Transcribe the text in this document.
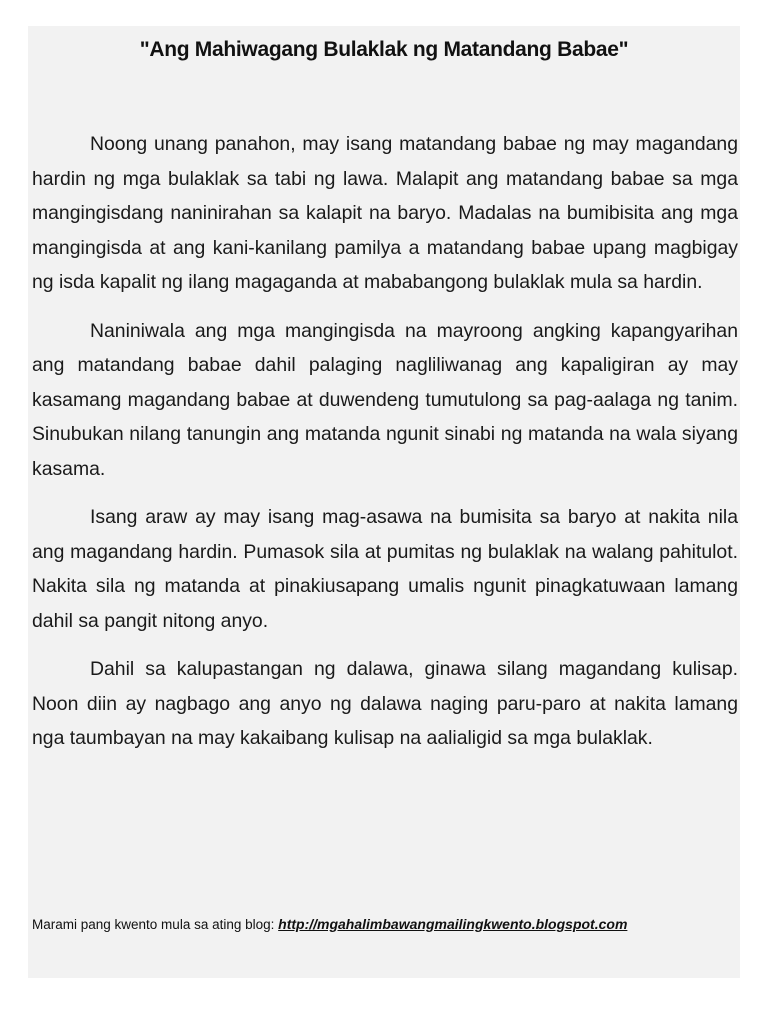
"Ang Mahiwagang Bulaklak ng Matandang Babae"

Noong unang panahon, may isang matandang babae ng may magandang hardin ng mga bulaklak sa tabi ng lawa. Malapit ang matandang babae sa mga mangingisdang naninirahan sa kalapit na baryo. Madalas na bumibisita ang mga mangingisda at ang kani-kanilang pamilya a matandang babae upang magbigay ng isda kapalit ng ilang magaganda at mababangong bulaklak mula sa hardin.

Naniniwala ang mga mangingisda na mayroong angking kapangyarihan ang matandang babae dahil palaging nagliliwanag ang kapaligiran ay may kasamang magandang babae at duwendeng tumutulong sa pag-aalaga ng tanim. Sinubukan nilang tanungin ang matanda ngunit sinabi ng matanda na wala siyang kasama.

Isang araw ay may isang mag-asawa na bumisita sa baryo at nakita nila ang magandang hardin. Pumasok sila at pumitas ng bulaklak na walang pahitulot. Nakita sila ng matanda at pinakiusapang umalis ngunit pinagkatuwaan lamang dahil sa pangit nitong anyo.

Dahil sa kalupastangan ng dalawa, ginawa silang magandang kulisap. Noon diin ay nagbago ang anyo ng dalawa naging paru-paro at nakita lamang nga taumbayan na may kakaibang kulisap na aalialigid sa mga bulaklak.

Marami pang kwento mula sa ating blog: http://mgahalimbawangmailingkwento.blogspot.com
